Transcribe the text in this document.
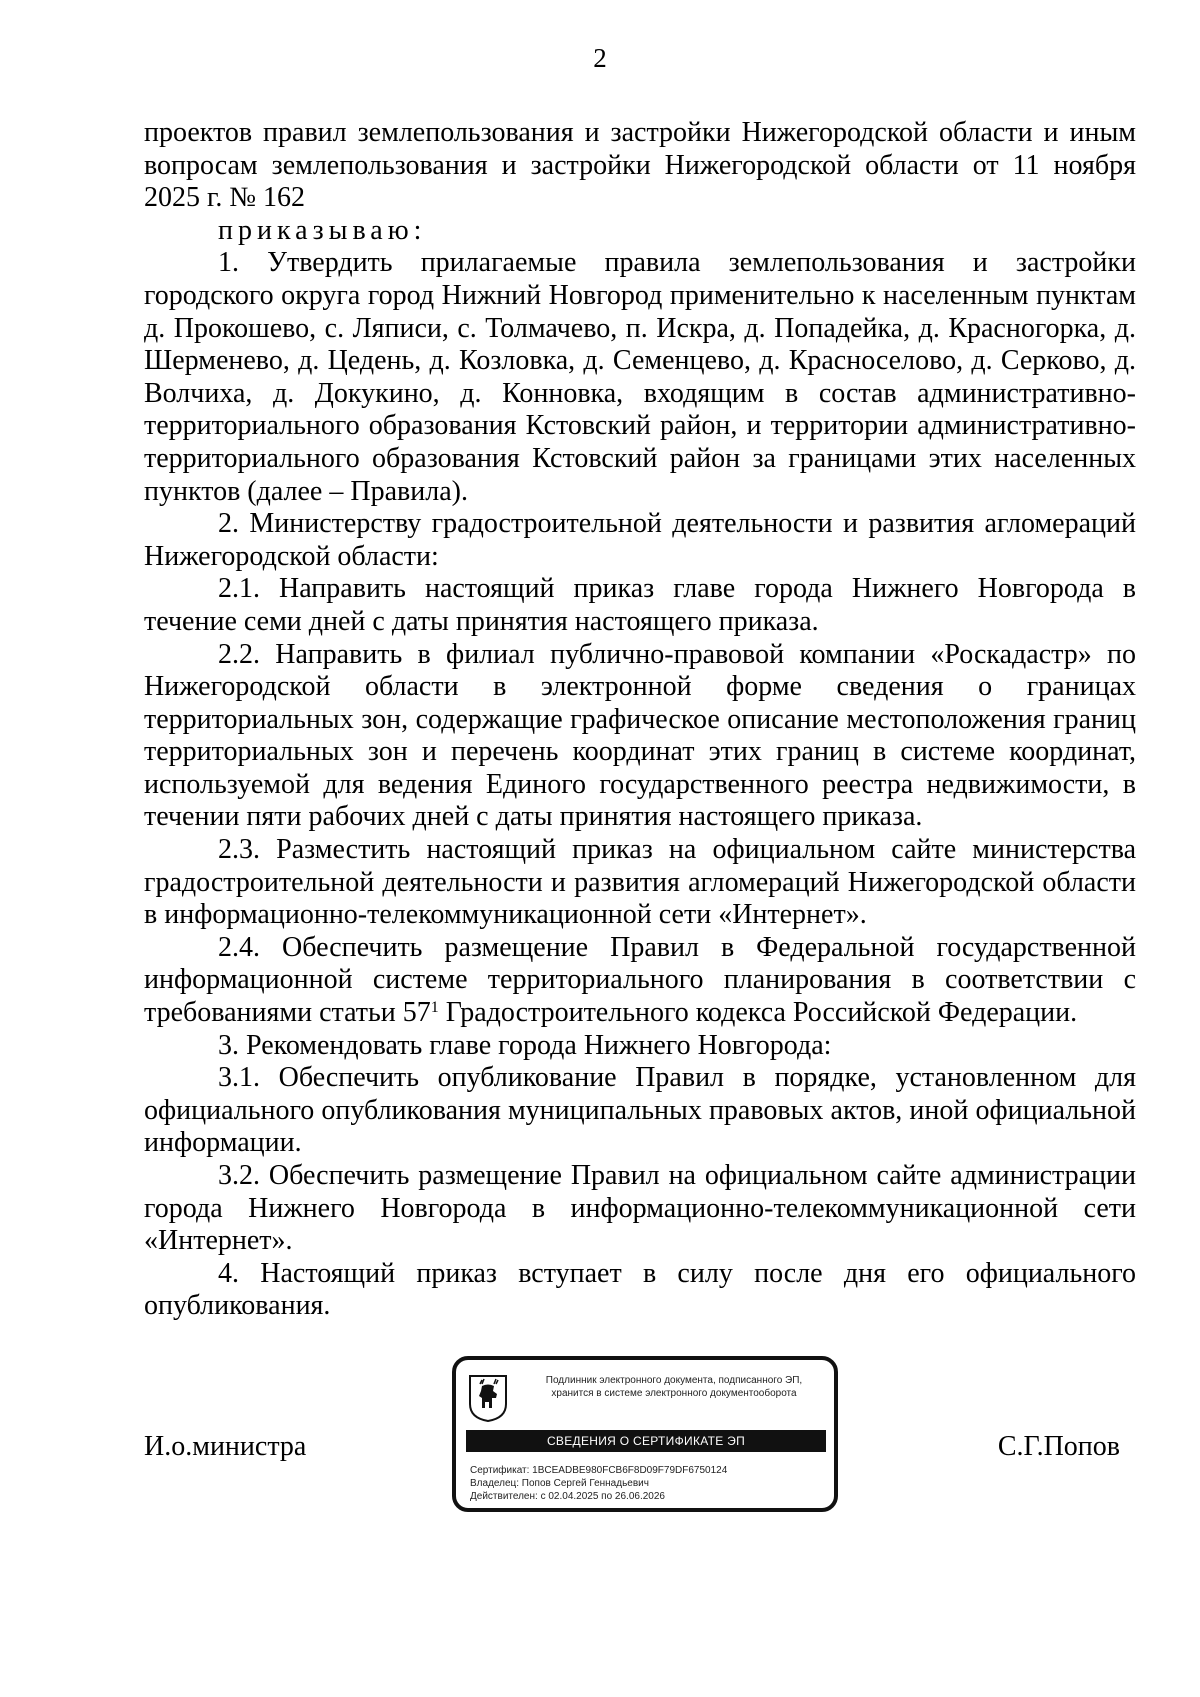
2

проектов правил землепользования и застройки Нижегородской области и иным вопросам землепользования и застройки Нижегородской области от 11 ноября 2025 г. № 162

приказываю:

1. Утвердить прилагаемые правила землепользования и застройки городского округа город Нижний Новгород применительно к населенным пунктам д. Прокошево, с. Ляписи, с. Толмачево, п. Искра, д. Попадейка, д. Красногорка, д. Шерменево, д. Цедень, д. Козловка, д. Семенцево, д. Красноселово, д. Серково, д. Волчиха, д. Докукино, д. Конновка, входящим в состав административно-территориального образования Кстовский район, и территории административно-территориального образования Кстовский район за границами этих населенных пунктов (далее – Правила).

2. Министерству градостроительной деятельности и развития агломераций Нижегородской области:

2.1. Направить настоящий приказ главе города Нижнего Новгорода в течение семи дней с даты принятия настоящего приказа.

2.2. Направить в филиал публично-правовой компании «Роскадастр» по Нижегородской области в электронной форме сведения о границах территориальных зон, содержащие графическое описание местоположения границ территориальных зон и перечень координат этих границ в системе координат, используемой для ведения Единого государственного реестра недвижимости, в течении пяти рабочих дней с даты принятия настоящего приказа.

2.3. Разместить настоящий приказ на официальном сайте министерства градостроительной деятельности и развития агломераций Нижегородской области в информационно-телекоммуникационной сети «Интернет».

2.4. Обеспечить размещение Правил в Федеральной государственной информационной системе территориального планирования в соответствии с требованиями статьи $57^1$ Градостроительного кодекса Российской Федерации.

3. Рекомендовать главе города Нижнего Новгорода:

3.1. Обеспечить опубликование Правил в порядке, установленном для официального опубликования муниципальных правовых актов, иной официальной информации.

3.2. Обеспечить размещение Правил на официальном сайте администрации города Нижнего Новгорода в информационно-телекоммуникационной сети «Интернет».

4. Настоящий приказ вступает в силу после дня его официального опубликования.

И.о.министра	С.Г.Попов
Подлинник электронного документа, подписанного ЭП,
хранится в системе электронного документооборота
СВЕДЕНИЯ О СЕРТИФИКАТЕ ЭП
Сертификат: 1BCEADBE980FCB6F8D09F79DF6750124
Владелец: Попов Сергей Геннадьевич
Действителен: с 02.04.2025 по 26.06.2026
